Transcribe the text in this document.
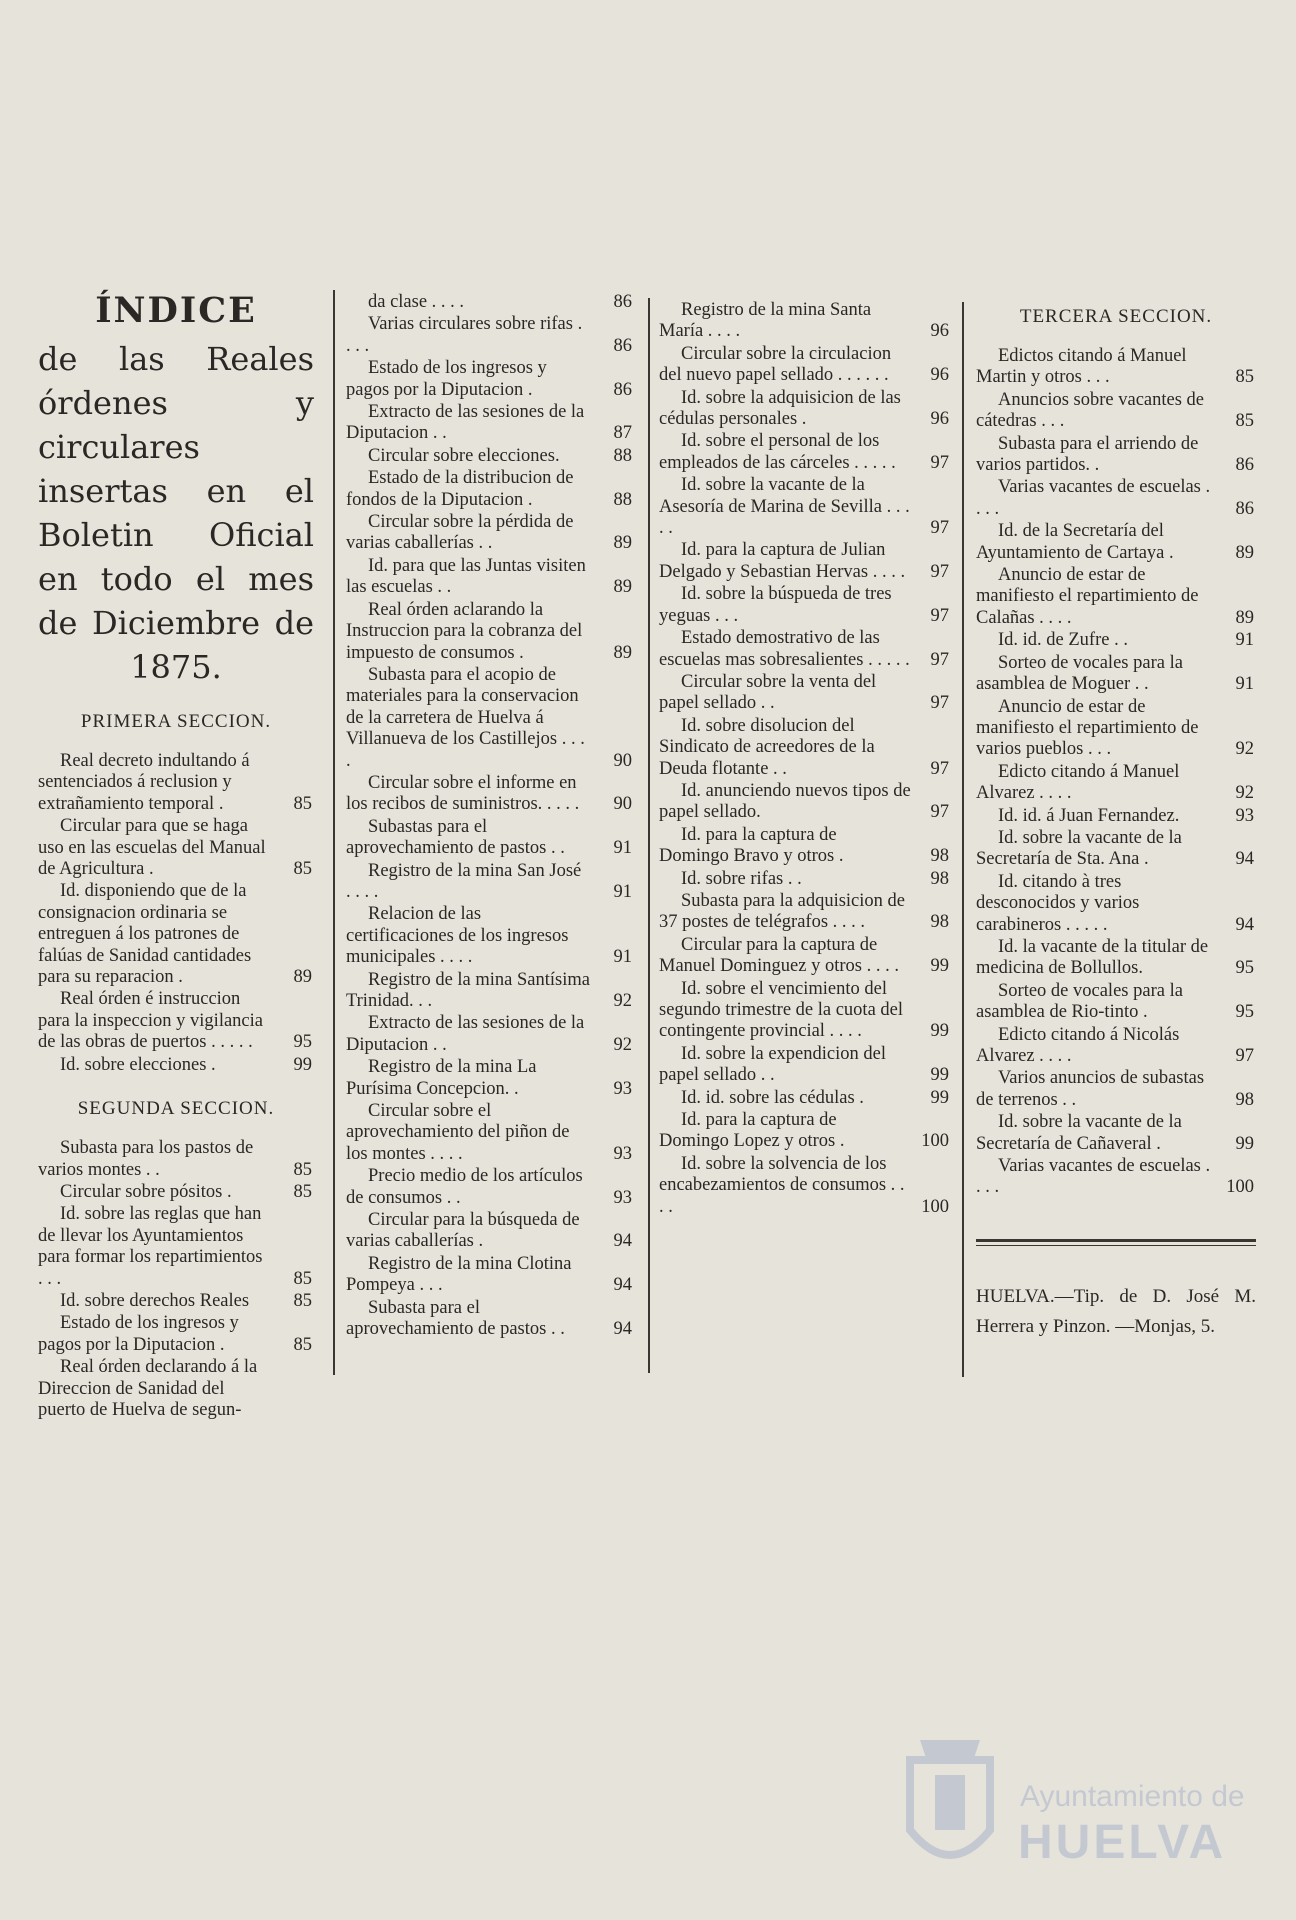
ÍNDICE

de las Reales órdenes y circulares insertas en el Boletin Oficial en todo el mes de Diciembre de 1875.

PRIMERA SECCION.
Real decreto indultando á sentenciados á reclusion y extrañamiento temporal .	85
Circular para que se haga uso en las escuelas del Manual de Agricultura .	85
Id. disponiendo que de la consignacion ordinaria se entreguen á los patrones de falúas de Sanidad cantidades para su reparacion .	89
Real órden é instruccion para la inspeccion y vigilancia de las obras de puertos . . . . . 95
Id. sobre elecciones .	99
SEGUNDA SECCION.
Subasta para los pastos de varios montes . .	85
Circular sobre pósitos .	85
Id. sobre las reglas que han de llevar los Ayuntamientos para formar los repartimientos . . .	85
Id. sobre derechos Reales 85
Estado de los ingresos y pagos por la Diputacion .	85
Real órden declarando á la Direccion de Sanidad del puerto de Huelva de segun-
da clase . . . .	86
Varias circulares sobre rifas . . . .	86
Estado de los ingresos y pagos por la Diputacion .	86
Extracto de las sesiones de la Diputacion . .	87
Circular sobre elecciones.	88
Estado de la distribucion de fondos de la Diputacion .	88
Circular sobre la pérdida de varias caballerías . .	89
Id. para que las Juntas visiten las escuelas . .	89
Real órden aclarando la Instruccion para la cobranza del impuesto de consumos .	89
Subasta para el acopio de materiales para la conservacion de la carretera de Huelva á Villanueva de los Castillejos . . . .	90
Circular sobre el informe en los recibos de suministros. . . . . 90
Subastas para el aprovechamiento de pastos . .	91
Registro de la mina San José . . . .	91
Relacion de las certificaciones de los ingresos municipales . . . .	91
Registro de la mina Santísima Trinidad. . .	92
Extracto de las sesiones de la Diputacion . .	92
Registro de la mina La Purísima Concepcion. .	93
Circular sobre el aprovechamiento del piñon de los montes . . . .	93
Precio medio de los artículos de consumos . .	93
Circular para la búsqueda de varias caballerías .	94
Registro de la mina Clotina Pompeya . . .	94
Subasta para el aprovechamiento de pastos . .	94
Registro de la mina Santa María . . . .	96
Circular sobre la circulacion del nuevo papel sellado . . . . . . 96
Id. sobre la adquisicion de las cédulas personales .	96
Id. sobre el personal de los empleados de las cárceles . . . . . 97
Id. sobre la vacante de la Asesoría de Marina de Sevilla . . . . .	97
Id. para la captura de Julian Delgado y Sebastian Hervas . . . . 97
Id. sobre la búspueda de tres yeguas . . .	97
Estado demostrativo de las escuelas mas sobresalientes . . . . . 97
Circular sobre la venta del papel sellado . .	97
Id. sobre disolucion del Sindicato de acreedores de la Deuda flotante . .	97
Id. anunciendo nuevos tipos de papel sellado.	97
Id. para la captura de Domingo Bravo y otros .	98
Id. sobre rifas . .	98
Subasta para la adquisicion de 37 postes de telégrafos . . . .	98
Circular para la captura de Manuel Dominguez y otros . . . . 99
Id. sobre el vencimiento del segundo trimestre de la cuota del contingente provincial . . . .	99
Id. sobre la expendicion del papel sellado . .	99
Id. id. sobre las cédulas .	99
Id. para la captura de Domingo Lopez y otros .	100
Id. sobre la solvencia de los encabezamientos de consumos . . . .	100
TERCERA SECCION.
Edictos citando á Manuel Martin y otros . . .	85
Anuncios sobre vacantes de cátedras . . .	85
Subasta para el arriendo de varios partidos. .	86
Varias vacantes de escuelas . . . .	86
Id. de la Secretaría del Ayuntamiento de Cartaya .	89
Anuncio de estar de manifiesto el repartimiento de Calañas . . . .	89
Id. id. de Zufre . .	91
Sorteo de vocales para la asamblea de Moguer . .	91
Anuncio de estar de manifiesto el repartimiento de varios pueblos . . .	92
Edicto citando á Manuel Alvarez . . . .	92
Id. id. á Juan Fernandez.	93
Id. sobre la vacante de la Secretaría de Sta. Ana .	94
Id. citando à tres desconocidos y varios carabineros . . . . .	94
Id. la vacante de la titular de medicina de Bollullos.	95
Sorteo de vocales para la asamblea de Rio-tinto .	95
Edicto citando á Nicolás Alvarez . . . .	97
Varios anuncios de subastas de terrenos . .	98
Id. sobre la vacante de la Secretaría de Cañaveral .	99
Varias vacantes de escuelas . . . .	100
HUELVA.—Tip. de D. José M. Herrera y Pinzon. —Monjas, 5.
Ayuntamiento de
HUELVA
